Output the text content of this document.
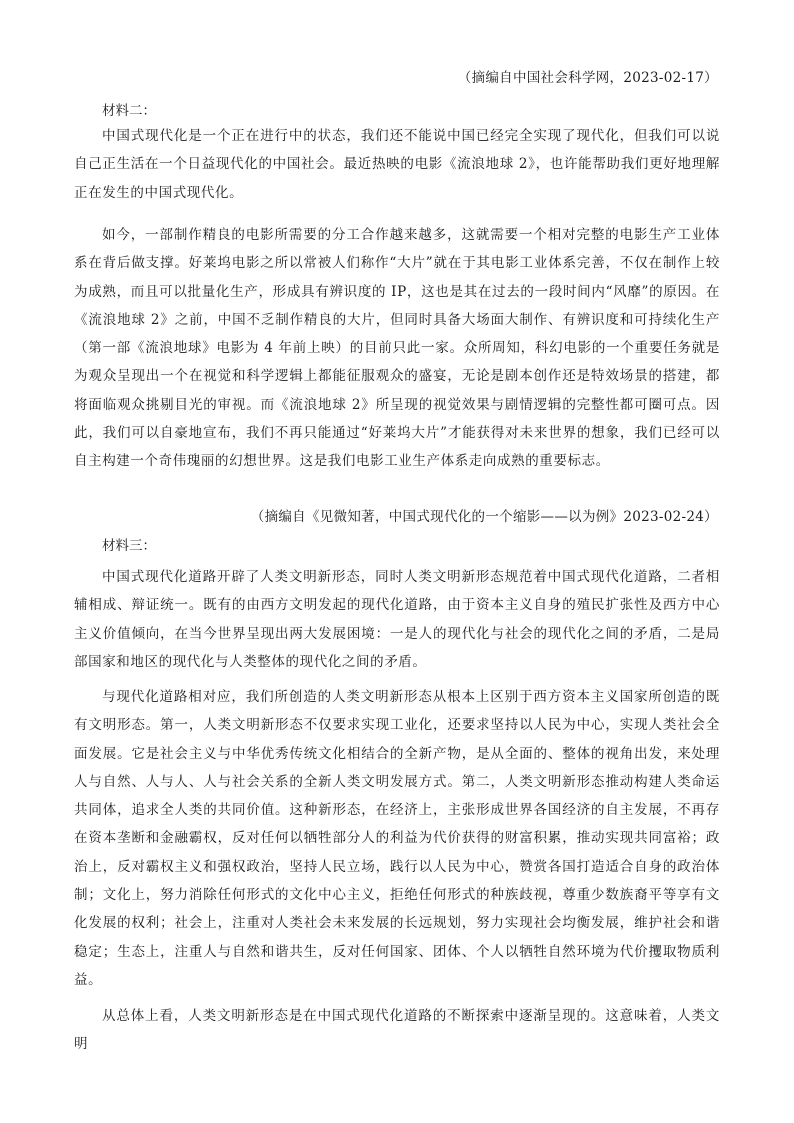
（摘编自中国社会科学网，2023-02-17）
材料二：

中国式现代化是一个正在进行中的状态，我们还不能说中国已经完全实现了现代化，但我们可以说自己正生活在一个日益现代化的中国社会。最近热映的电影《流浪地球 2》，也许能帮助我们更好地理解正在发生的中国式现代化。

如今，一部制作精良的电影所需要的分工合作越来越多，这就需要一个相对完整的电影生产工业体系在背后做支撑。好莱坞电影之所以常被人们称作“大片”就在于其电影工业体系完善，不仅在制作上较为成熟，而且可以批量化生产，形成具有辨识度的 IP，这也是其在过去的一段时间内“风靡”的原因。在《流浪地球 2》之前，中国不乏制作精良的大片，但同时具备大场面大制作、有辨识度和可持续化生产（第一部《流浪地球》电影为 4 年前上映）的目前只此一家。众所周知，科幻电影的一个重要任务就是为观众呈现出一个在视觉和科学逻辑上都能征服观众的盛宴，无论是剧本创作还是特效场景的搭建，都将面临观众挑剔目光的审视。而《流浪地球 2》所呈现的视觉效果与剧情逻辑的完整性都可圈可点。因此，我们可以自豪地宣布，我们不再只能通过“好莱坞大片”才能获得对未来世界的想象，我们已经可以自主构建一个奇伟瑰丽的幻想世界。这是我们电影工业生产体系走向成熟的重要标志。

（摘编自《见微知著，中国式现代化的一个缩影——以为例》2023-02-24）
材料三：

中国式现代化道路开辟了人类文明新形态，同时人类文明新形态规范着中国式现代化道路，二者相辅相成、辩证统一。既有的由西方文明发起的现代化道路，由于资本主义自身的殖民扩张性及西方中心主义价值倾向，在当今世界呈现出两大发展困境：一是人的现代化与社会的现代化之间的矛盾，二是局部国家和地区的现代化与人类整体的现代化之间的矛盾。

与现代化道路相对应，我们所创造的人类文明新形态从根本上区别于西方资本主义国家所创造的既有文明形态。第一，人类文明新形态不仅要求实现工业化，还要求坚持以人民为中心，实现人类社会全面发展。它是社会主义与中华优秀传统文化相结合的全新产物，是从全面的、整体的视角出发，来处理人与自然、人与人、人与社会关系的全新人类文明发展方式。第二，人类文明新形态推动构建人类命运共同体，追求全人类的共同价值。这种新形态，在经济上，主张形成世界各国经济的自主发展，不再存在资本垄断和金融霸权，反对任何以牺牲部分人的利益为代价获得的财富积累，推动实现共同富裕；政治上，反对霸权主义和强权政治，坚持人民立场，践行以人民为中心，赞赏各国打造适合自身的政治体制；文化上，努力消除任何形式的文化中心主义，拒绝任何形式的种族歧视，尊重少数族裔平等享有文化发展的权利；社会上，注重对人类社会未来发展的长远规划，努力实现社会均衡发展，维护社会和谐稳定；生态上，注重人与自然和谐共生，反对任何国家、团体、个人以牺牲自然环境为代价攫取物质利益。

从总体上看，人类文明新形态是在中国式现代化道路的不断探索中逐渐呈现的。这意味着，人类文明
